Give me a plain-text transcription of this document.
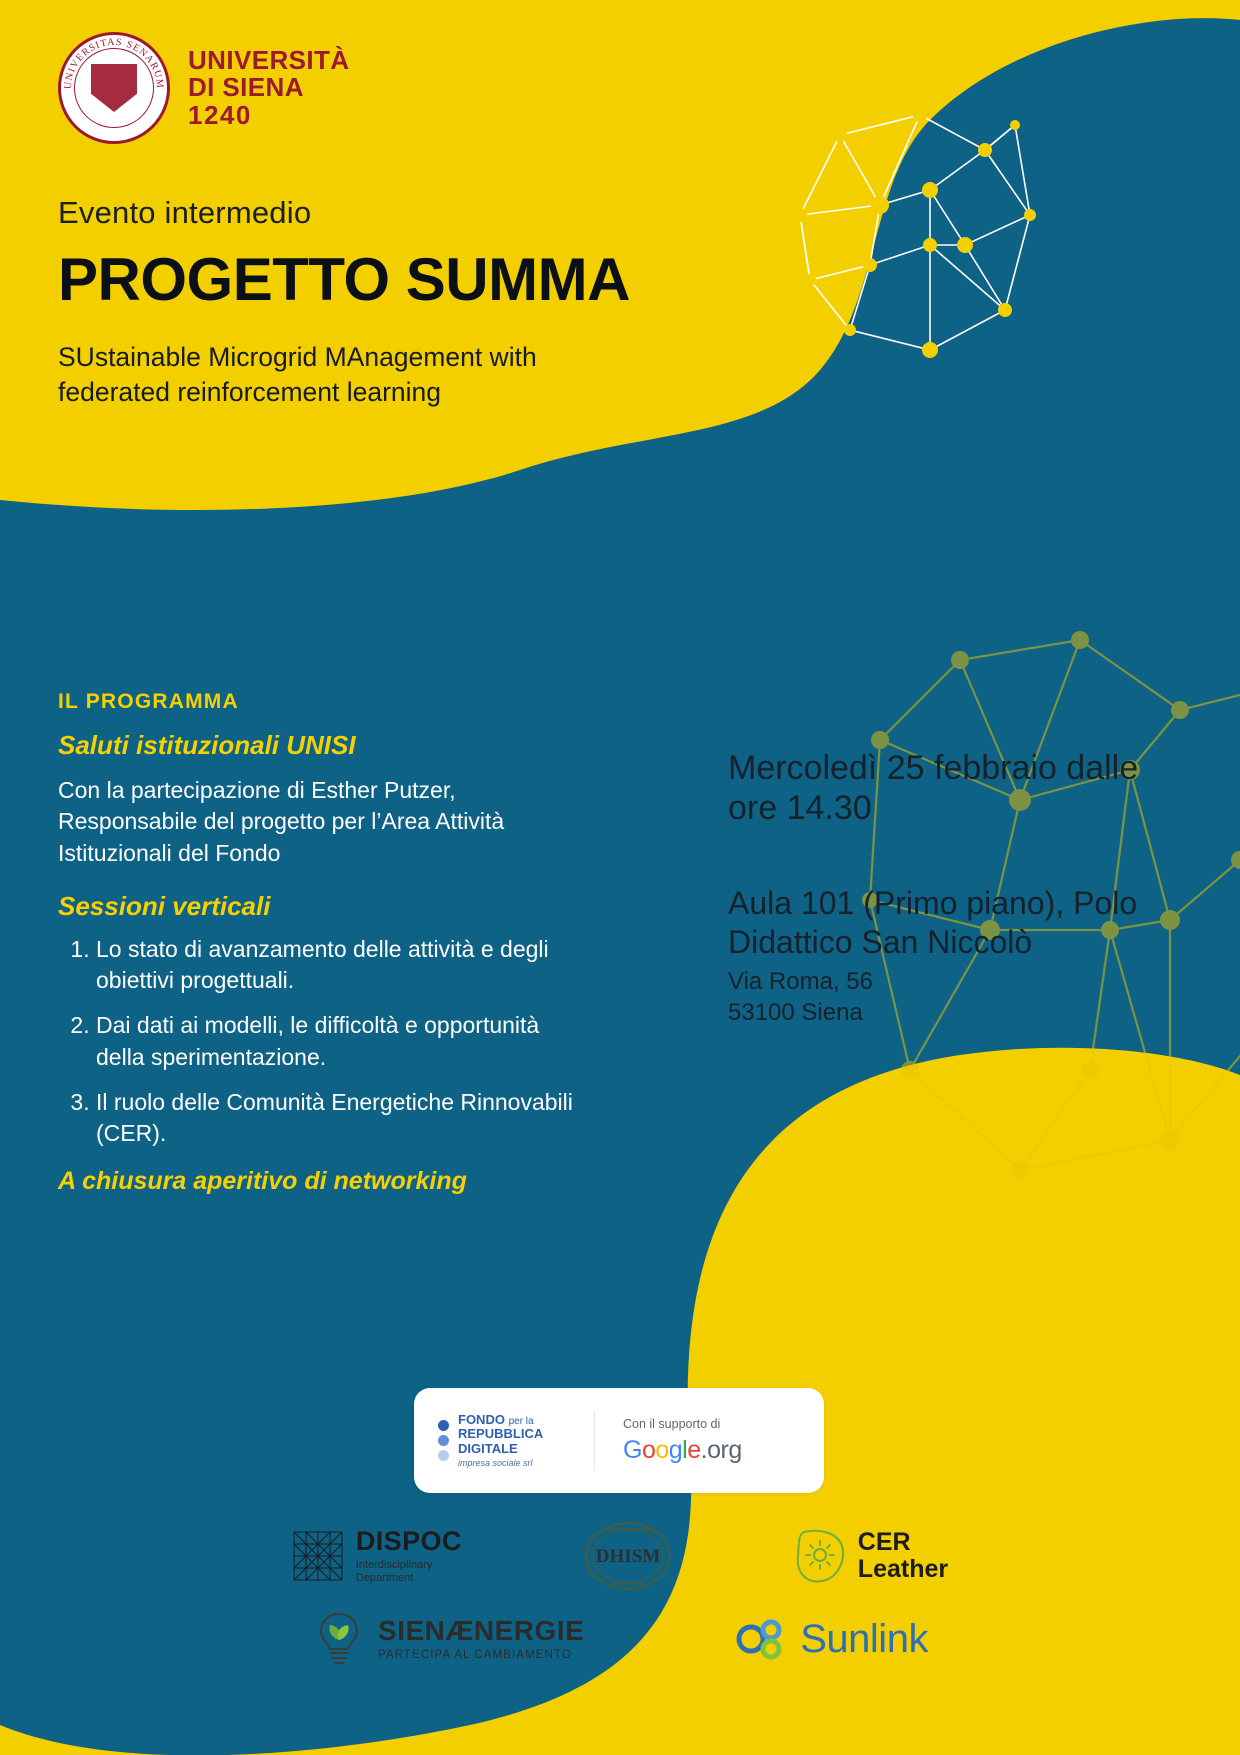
UNIVERSITAS SENARUM
UNIVERSITÀ
DI SIENA
1240
Evento intermedio
PROGETTO SUMMA
SUstainable Microgrid MAnagement with
federated reinforcement learning
IL PROGRAMMA
Saluti istituzionali UNISI
Con la partecipazione di Esther Putzer, Responsabile del progetto per l’Area Attività Istituzionali del Fondo
Sessioni verticali
1. Lo stato di avanzamento delle attività e degli obiettivi progettuali.
2. Dai dati ai modelli, le difficoltà e opportunità della sperimentazione.
3. Il ruolo delle Comunità Energetiche Rinnovabili (CER).
A chiusura aperitivo di networking
QUANDO
Mercoledì 25 febbraio dalle ore 14.30
DOVE
Aula 101 (Primo piano), Polo Didattico San Niccolò
Via Roma, 56
53100 Siena
FONDO per la
REPUBBLICA
DIGITALE
impresa sociale srl
Con il supporto di
Google.org
DISPOC
Interdisciplinary
Department
DHISM
UNIVERSITAS SEN
MCCCXXX
CER
Leather
SIENÆNERGIE
PARTECIPA AL CAMBIAMENTO	Sunlink
